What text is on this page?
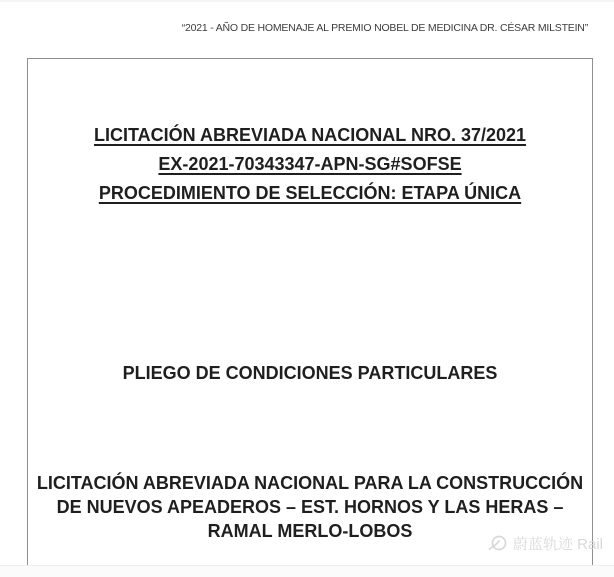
“2021 - AÑO DE HOMENAJE AL PREMIO NOBEL DE MEDICINA DR. CÉSAR MILSTEIN”
LICITACIÓN ABREVIADA NACIONAL NRO. 37/2021
EX-2021-70343347-APN-SG#SOFSE
PROCEDIMIENTO DE SELECCIÓN: ETAPA ÚNICA
PLIEGO DE CONDICIONES PARTICULARES
LICITACIÓN ABREVIADA NACIONAL PARA LA CONSTRUCCIÓN
DE NUEVOS APEADEROS – EST. HORNOS Y LAS HERAS –
RAMAL MERLO-LOBOS
蔚蓝轨迹 Rail
